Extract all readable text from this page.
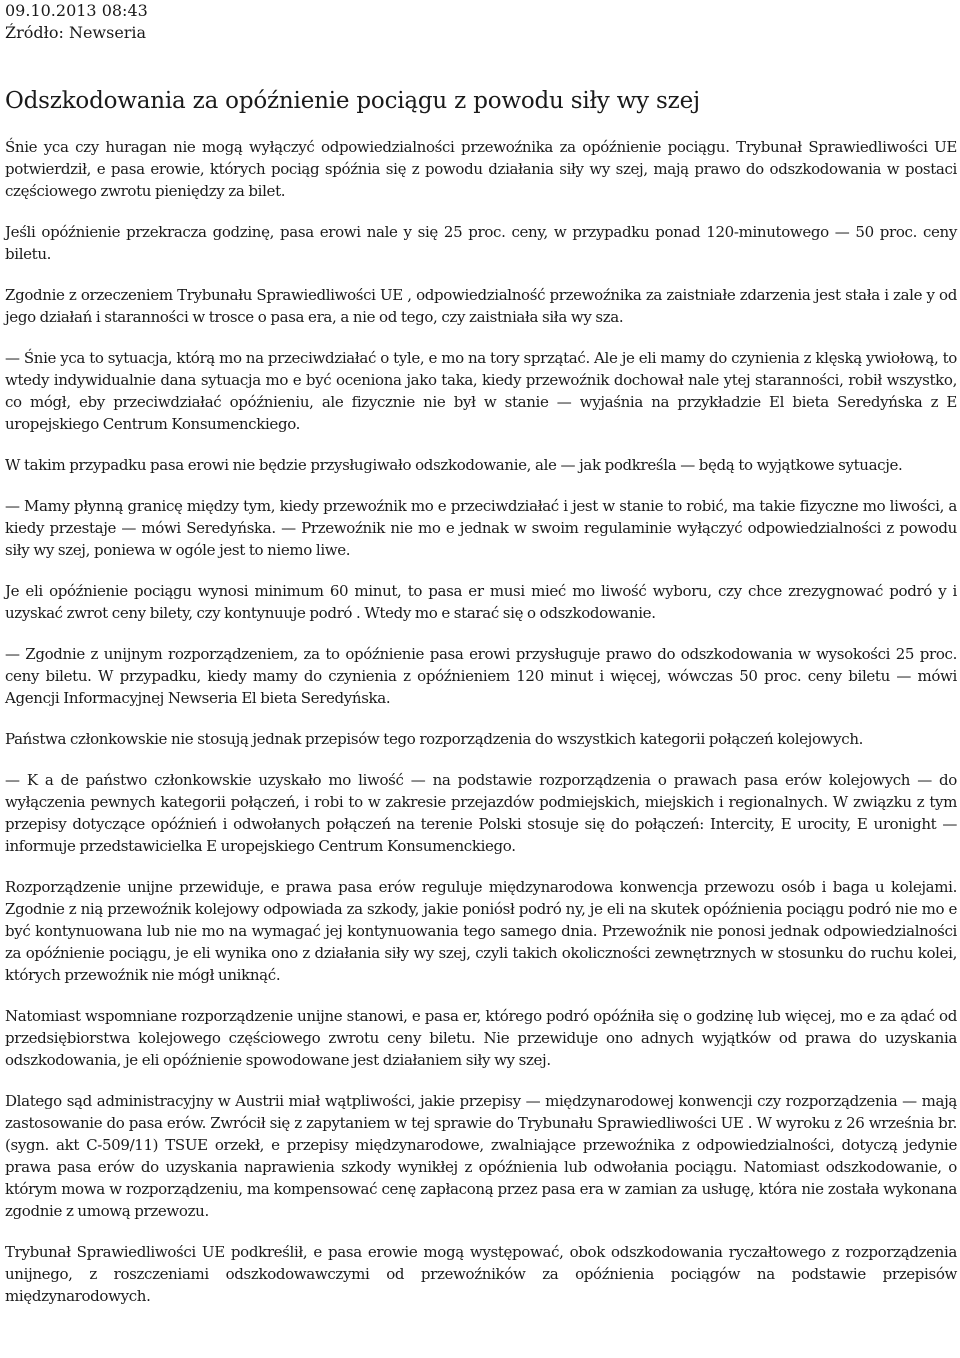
09.10.2013 08:43

Źródło: Newseria

Odszkodowania za opóźnienie pociągu z powodu siły wy szej

Śnie yca czy huragan nie mogą wyłączyć odpowiedzialności przewoźnika za opóźnienie pociągu. Trybunał Sprawiedliwości UE potwierdził, e pasa erowie, których pociąg spóźnia się z powodu działania siły wy szej, mają prawo do odszkodowania w postaci częściowego zwrotu pieniędzy za bilet.

Jeśli opóźnienie przekracza godzinę, pasa erowi nale y się 25 proc. ceny, w przypadku ponad 120-minutowego — 50 proc. ceny biletu.

Zgodnie z orzeczeniem Trybunału Sprawiedliwości UE , odpowiedzialność przewoźnika za zaistniałe zdarzenia jest stała i zale y od jego działań i staranności w trosce o pasa era, a nie od tego, czy zaistniała siła wy sza.

— Śnie yca to sytuacja, którą mo na przeciwdziałać o tyle, e mo na tory sprzątać. Ale je eli mamy do czynienia z klęską ywiołową, to wtedy indywidualnie dana sytuacja mo e być oceniona jako taka, kiedy przewoźnik dochował nale ytej staranności, robił wszystko, co mógł, eby przeciwdziałać opóźnieniu, ale fizycznie nie był w stanie — wyjaśnia na przykładzie El bieta Seredyńska z E uropejskiego Centrum Konsumenckiego.

W takim przypadku pasa erowi nie będzie przysługiwało odszkodowanie, ale — jak podkreśla — będą to wyjątkowe sytuacje.

— Mamy płynną granicę między tym, kiedy przewoźnik mo e przeciwdziałać i jest w stanie to robić, ma takie fizyczne mo liwości, a kiedy przestaje — mówi Seredyńska. — Przewoźnik nie mo e jednak w swoim regulaminie wyłączyć odpowiedzialności z powodu siły wy szej, poniewa w ogóle jest to niemo liwe.

Je eli opóźnienie pociągu wynosi minimum 60 minut, to pasa er musi mieć mo liwość wyboru, czy chce zrezygnować podró y i uzyskać zwrot ceny bilety, czy kontynuuje podró . Wtedy mo e starać się o odszkodowanie.

— Zgodnie z unijnym rozporządzeniem, za to opóźnienie pasa erowi przysługuje prawo do odszkodowania w wysokości 25 proc. ceny biletu. W przypadku, kiedy mamy do czynienia z opóźnieniem 120 minut i więcej, wówczas 50 proc. ceny biletu — mówi Agencji Informacyjnej Newseria El bieta Seredyńska.

Państwa członkowskie nie stosują jednak przepisów tego rozporządzenia do wszystkich kategorii połączeń kolejowych.

— K a de państwo członkowskie uzyskało mo liwość — na podstawie rozporządzenia o prawach pasa erów kolejowych — do wyłączenia pewnych kategorii połączeń, i robi to w zakresie przejazdów podmiejskich, miejskich i regionalnych. W związku z tym przepisy dotyczące opóźnień i odwołanych połączeń na terenie Polski stosuje się do połączeń: Intercity, E urocity, E uronight — informuje przedstawicielka E uropejskiego Centrum Konsumenckiego.

Rozporządzenie unijne przewiduje, e prawa pasa erów reguluje międzynarodowa konwencja przewozu osób i baga u kolejami. Zgodnie z nią przewoźnik kolejowy odpowiada za szkody, jakie poniósł podró ny, je eli na skutek opóźnienia pociągu podró nie mo e być kontynuowana lub nie mo na wymagać jej kontynuowania tego samego dnia. Przewoźnik nie ponosi jednak odpowiedzialności za opóźnienie pociągu, je eli wynika ono z działania siły wy szej, czyli takich okoliczności zewnętrznych w stosunku do ruchu kolei, których przewoźnik nie mógł uniknąć.

Natomiast wspomniane rozporządzenie unijne stanowi, e pasa er, którego podró opóźniła się o godzinę lub więcej, mo e za ądać od przedsiębiorstwa kolejowego częściowego zwrotu ceny biletu. Nie przewiduje ono adnych wyjątków od prawa do uzyskania odszkodowania, je eli opóźnienie spowodowane jest działaniem siły wy szej.

Dlatego sąd administracyjny w Austrii miał wątpliwości, jakie przepisy — międzynarodowej konwencji czy rozporządzenia — mają zastosowanie do pasa erów. Zwrócił się z zapytaniem w tej sprawie do Trybunału Sprawiedliwości UE . W wyroku z 26 września br. (sygn. akt C-509/11) TSUE orzekł, e przepisy międzynarodowe, zwalniające przewoźnika z odpowiedzialności, dotyczą jedynie prawa pasa erów do uzyskania naprawienia szkody wynikłej z opóźnienia lub odwołania pociągu. Natomiast odszkodowanie, o którym mowa w rozporządzeniu, ma kompensować cenę zapłaconą przez pasa era w zamian za usługę, która nie została wykonana zgodnie z umową przewozu.

Trybunał Sprawiedliwości UE podkreślił, e pasa erowie mogą występować, obok odszkodowania ryczałtowego z rozporządzenia unijnego, z roszczeniami odszkodowawczymi od przewoźników za opóźnienia pociągów na podstawie przepisów międzynarodowych.
